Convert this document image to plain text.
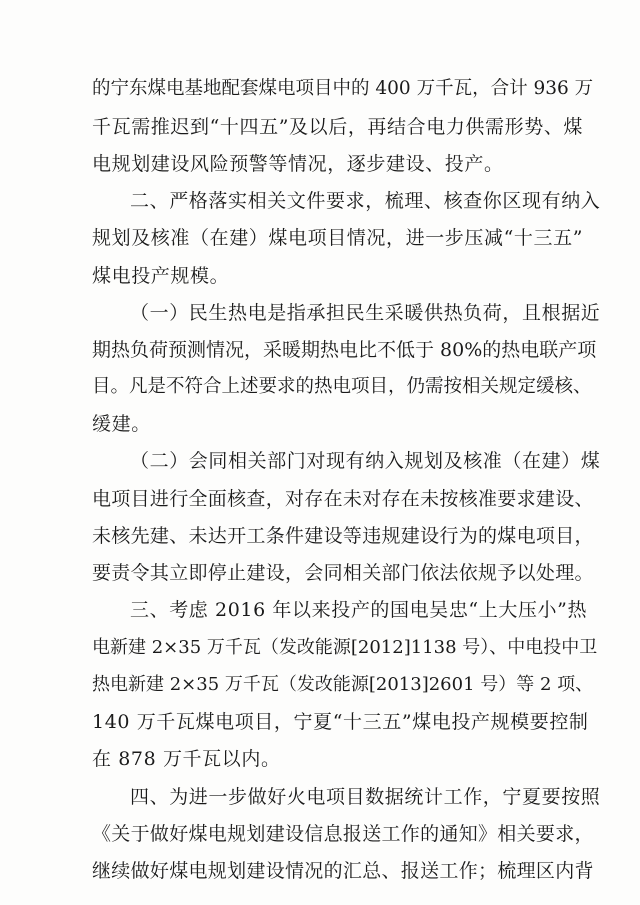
的宁东煤电基地配套煤电项目中的 400 万千瓦，合计 936 万
千瓦需推迟到“十四五”及以后，再结合电力供需形势、煤
电规划建设风险预警等情况，逐步建设、投产。
二、严格落实相关文件要求，梳理、核查你区现有纳入
规划及核准（在建）煤电项目情况，进一步压减“十三五”
煤电投产规模。
（一）民生热电是指承担民生采暖供热负荷，且根据近
期热负荷预测情况，采暖期热电比不低于 80%的热电联产项
目。凡是不符合上述要求的热电项目，仍需按相关规定缓核、
缓建。
（二）会同相关部门对现有纳入规划及核准（在建）煤
电项目进行全面核查，对存在未对存在未按核准要求建设、
未核先建、未达开工条件建设等违规建设行为的煤电项目，
要责令其立即停止建设，会同相关部门依法依规予以处理。
三、考虑 2016 年以来投产的国电吴忠“上大压小”热
电新建 2×35 万千瓦（发改能源[2012]1138 号）、中电投中卫
热电新建 2×35 万千瓦（发改能源[2013]2601 号）等 2 项、
140 万千瓦煤电项目，宁夏“十三五”煤电投产规模要控制
在 878 万千瓦以内。
四、为进一步做好火电项目数据统计工作，宁夏要按照
《关于做好煤电规划建设信息报送工作的通知》相关要求，
继续做好煤电规划建设情况的汇总、报送工作；梳理区内背
